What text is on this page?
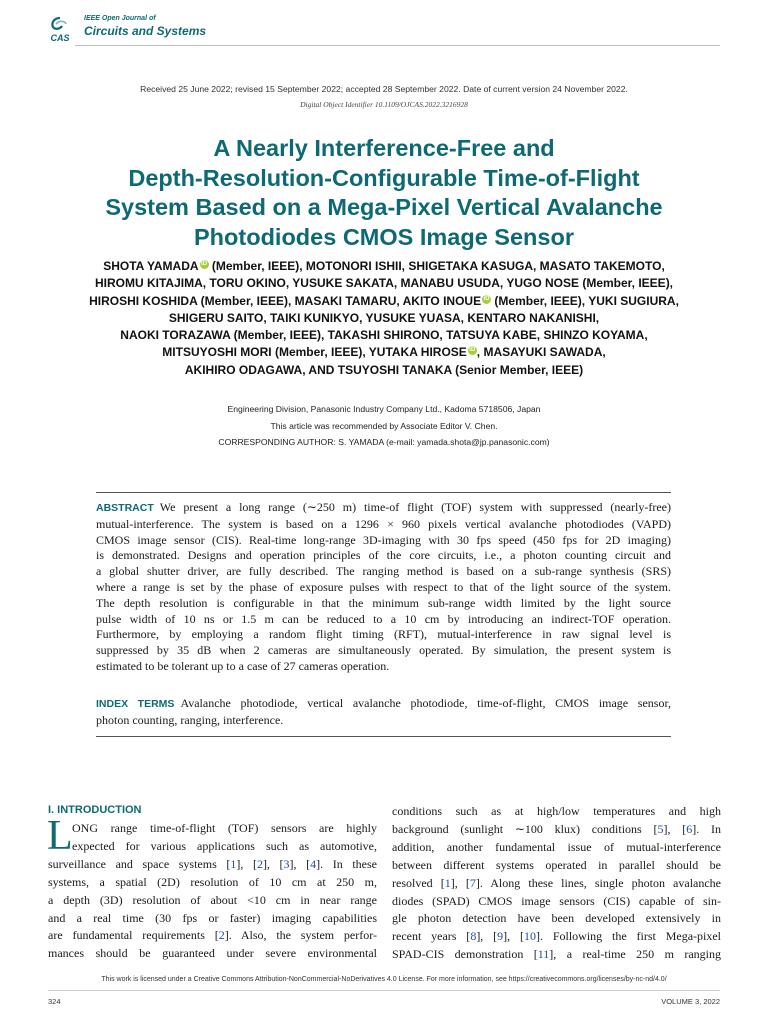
CAS
IEEE Open Journal of
Circuits and Systems
Received 25 June 2022; revised 15 September 2022; accepted 28 September 2022. Date of current version 24 November 2022.
Digital Object Identifier 10.1109/OJCAS.2022.3216928
A Nearly Interference-Free and
Depth-Resolution-Configurable Time-of-Flight
System Based on a Mega-Pixel Vertical Avalanche
Photodiodes CMOS Image Sensor
SHOTA YAMADA iD (Member, IEEE), MOTONORI ISHII, SHIGETAKA KASUGA, MASATO TAKEMOTO,
HIROMU KITAJIMA, TORU OKINO, YUSUKE SAKATA, MANABU USUDA, YUGO NOSE (Member, IEEE),
HIROSHI KOSHIDA (Member, IEEE), MASAKI TAMARU, AKITO INOUE iD (Member, IEEE), YUKI SUGIURA,
SHIGERU SAITO, TAIKI KUNIKYO, YUSUKE YUASA, KENTARO NAKANISHI,
NAOKI TORAZAWA (Member, IEEE), TAKASHI SHIRONO, TATSUYA KABE, SHINZO KOYAMA,
MITSUYOSHI MORI (Member, IEEE), YUTAKA HIROSE iD , MASAYUKI SAWADA,
AKIHIRO ODAGAWA, AND TSUYOSHI TANAKA (Senior Member, IEEE)
Engineering Division, Panasonic Industry Company Ltd., Kadoma 5718506, Japan
This article was recommended by Associate Editor V. Chen.
CORRESPONDING AUTHOR: S. YAMADA (e-mail: yamada.shota@jp.panasonic.com)
ABSTRACT We present a long range (∼250 m) time-of flight (TOF) system with suppressed (nearly-free)
mutual-interference. The system is based on a 1296 × 960 pixels vertical avalanche photodiodes (VAPD)
CMOS image sensor (CIS). Real-time long-range 3D-imaging with 30 fps speed (450 fps for 2D imaging)
is demonstrated. Designs and operation principles of the core circuits, i.e., a photon counting circuit and
a global shutter driver, are fully described. The ranging method is based on a sub-range synthesis (SRS)
where a range is set by the phase of exposure pulses with respect to that of the light source of the system.
The depth resolution is configurable in that the minimum sub-range width limited by the light source
pulse width of 10 ns or 1.5 m can be reduced to a 10 cm by introducing an indirect-TOF operation.
Furthermore, by employing a random flight timing (RFT), mutual-interference in raw signal level is
suppressed by 35 dB when 2 cameras are simultaneously operated. By simulation, the present system is
estimated to be tolerant up to a case of 27 cameras operation.
INDEX TERMS Avalanche photodiode, vertical avalanche photodiode, time-of-flight, CMOS image sensor,
photon counting, ranging, interference.
I. INTRODUCTION
L ONG range time-of-flight (TOF) sensors are highly
expected for various applications such as automotive,
surveillance and space systems [1], [2], [3], [4]. In these
systems, a spatial (2D) resolution of 10 cm at 250 m,
a depth (3D) resolution of about <10 cm in near range
and a real time (30 fps or faster) imaging capabilities
are fundamental requirements [2]. Also, the system perfor-
mances should be guaranteed under severe environmental
conditions such as at high/low temperatures and high
background (sunlight ∼100 klux) conditions [5], [6]. In
addition, another fundamental issue of mutual-interference
between different systems operated in parallel should be
resolved [1], [7]. Along these lines, single photon avalanche
diodes (SPAD) CMOS image sensors (CIS) capable of sin-
gle photon detection have been developed extensively in
recent years [8], [9], [10]. Following the first Mega-pixel
SPAD-CIS demonstration [11], a real-time 250 m ranging
This work is licensed under a Creative Commons Attribution-NonCommercial-NoDerivatives 4.0 License. For more information, see https://creativecommons.org/licenses/by-nc-nd/4.0/
324	VOLUME 3, 2022
